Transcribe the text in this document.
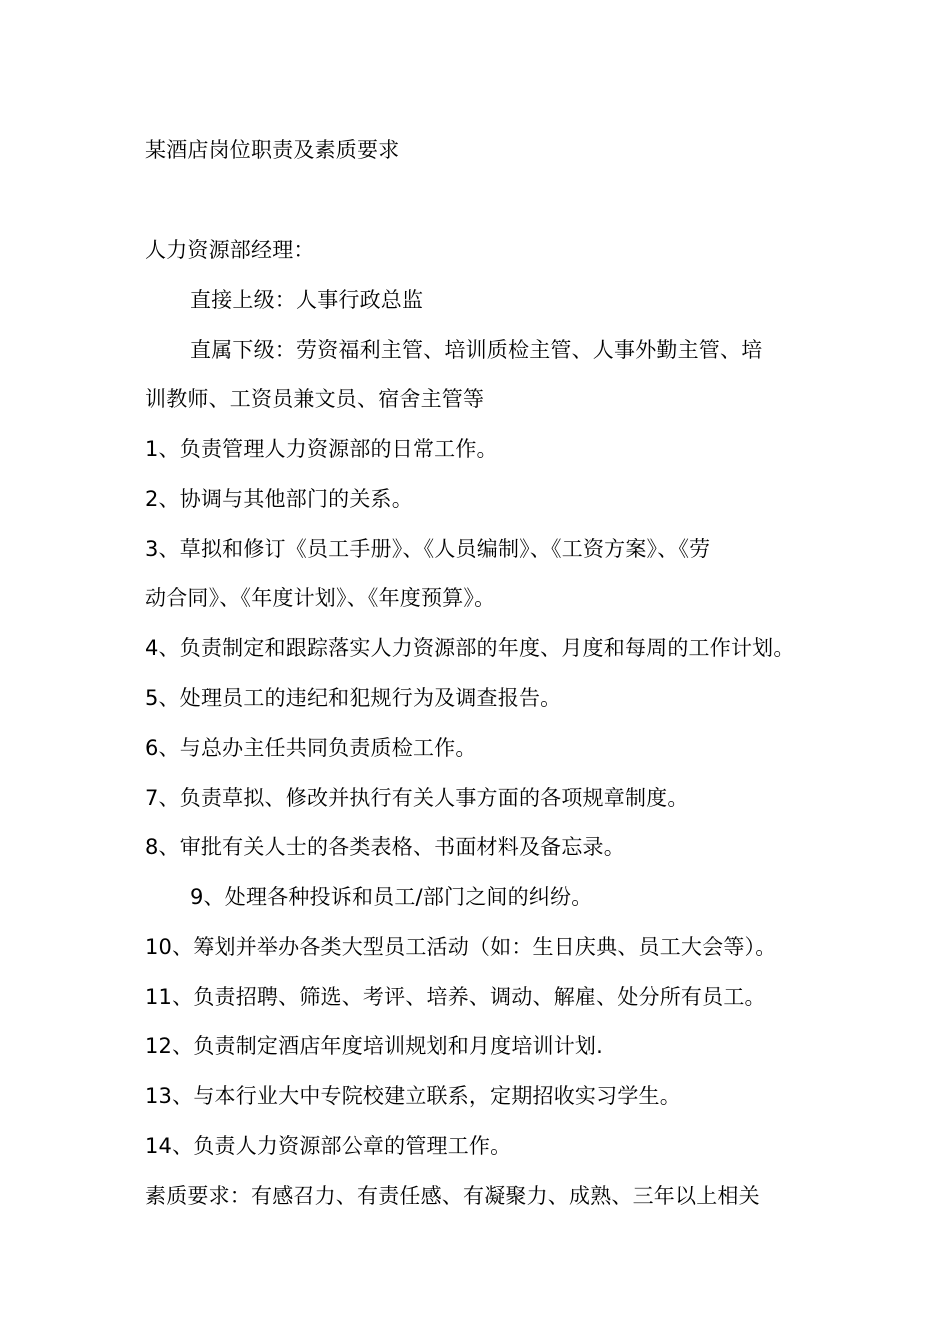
某酒店岗位职责及素质要求
人力资源部经理：
直接上级：人事行政总监
直属下级：劳资福利主管、培训质检主管、人事外勤主管、培
训教师、工资员兼文员、宿舍主管等
1、负责管理人力资源部的日常工作。
2、协调与其他部门的关系。
3、草拟和修订《员工手册》、《人员编制》、《工资方案》、《劳
动合同》、《年度计划》、《年度预算》。
4、负责制定和跟踪落实人力资源部的年度、月度和每周的工作计划。
5、处理员工的违纪和犯规行为及调查报告。
6、与总办主任共同负责质检工作。
7、负责草拟、修改并执行有关人事方面的各项规章制度。
8、审批有关人士的各类表格、书面材料及备忘录。
9、处理各种投诉和员工/部门之间的纠纷。
10、筹划并举办各类大型员工活动（如：生日庆典、员工大会等）。
11、负责招聘、筛选、考评、培养、调动、解雇、处分所有员工。
12、负责制定酒店年度培训规划和月度培训计划.
13、与本行业大中专院校建立联系，定期招收实习学生。
14、负责人力资源部公章的管理工作。
素质要求：有感召力、有责任感、有凝聚力、成熟、三年以上相关
